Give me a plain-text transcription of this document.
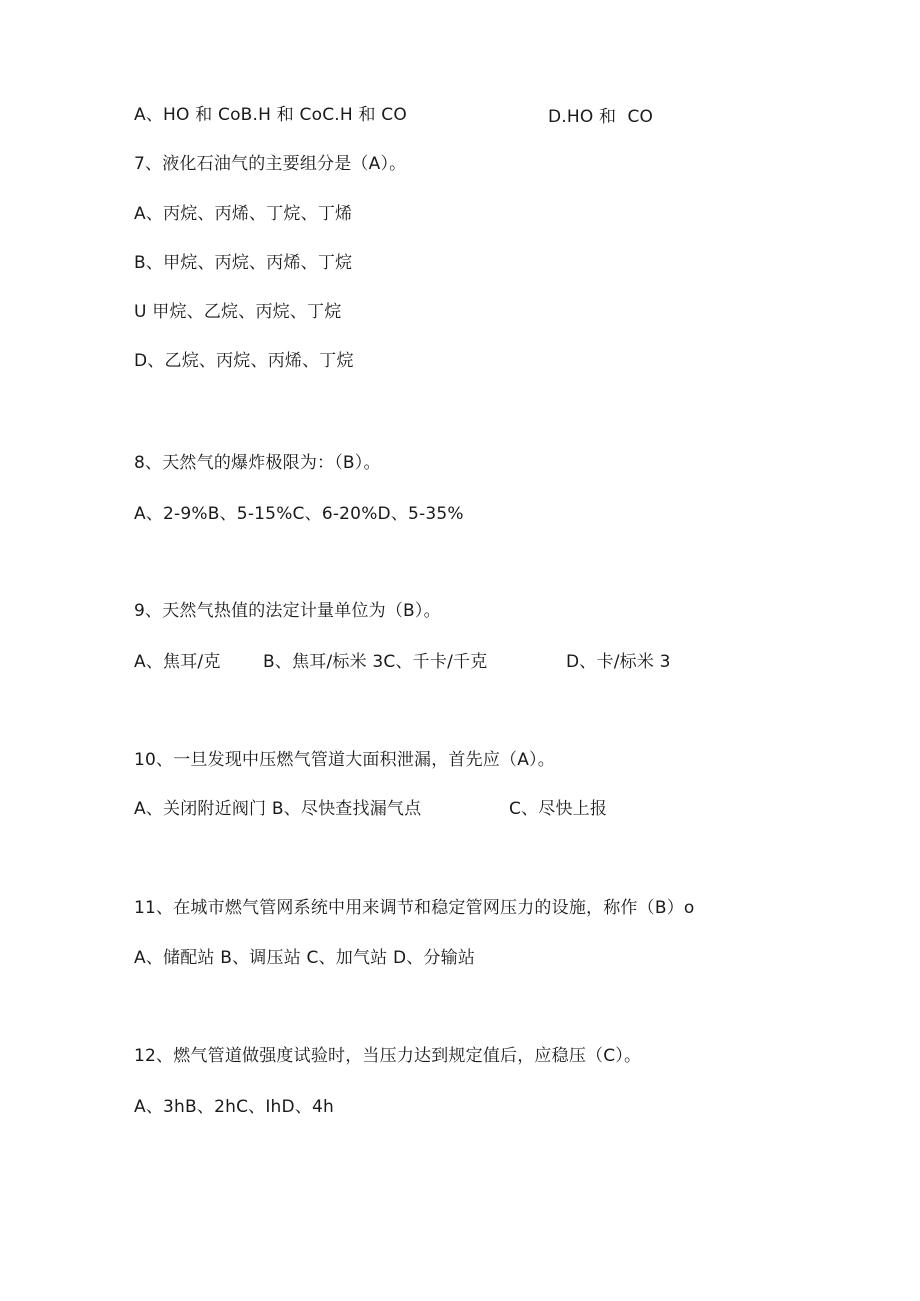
A、HO 和 CoB.H 和 CoC.H 和 CO	D.HO 和  CO
7、液化石油气的主要组分是（A）。
A、丙烷、丙烯、丁烷、丁烯
B、甲烷、丙烷、丙烯、丁烷
U 甲烷、乙烷、丙烷、丁烷
D、乙烷、丙烷、丙烯、丁烷
8、天然气的爆炸极限为：（B）。
A、2-9%B、5-15%C、6-20%D、5-35%
9、天然气热值的法定计量单位为（B）。
A、焦耳/克 B、焦耳/标米 3C、千卡/千克	D、卡/标米 3
10、一旦发现中压燃气管道大面积泄漏，首先应（A）。
A、关闭附近阀门 B、尽快查找漏气点	C、尽快上报
11、在城市燃气管网系统中用来调节和稳定管网压力的设施，称作（B）o
A、储配站 B、调压站 C、加气站 D、分输站
12、燃气管道做强度试验时，当压力达到规定值后，应稳压（C）。
A、3hB、2hC、IhD、4h
